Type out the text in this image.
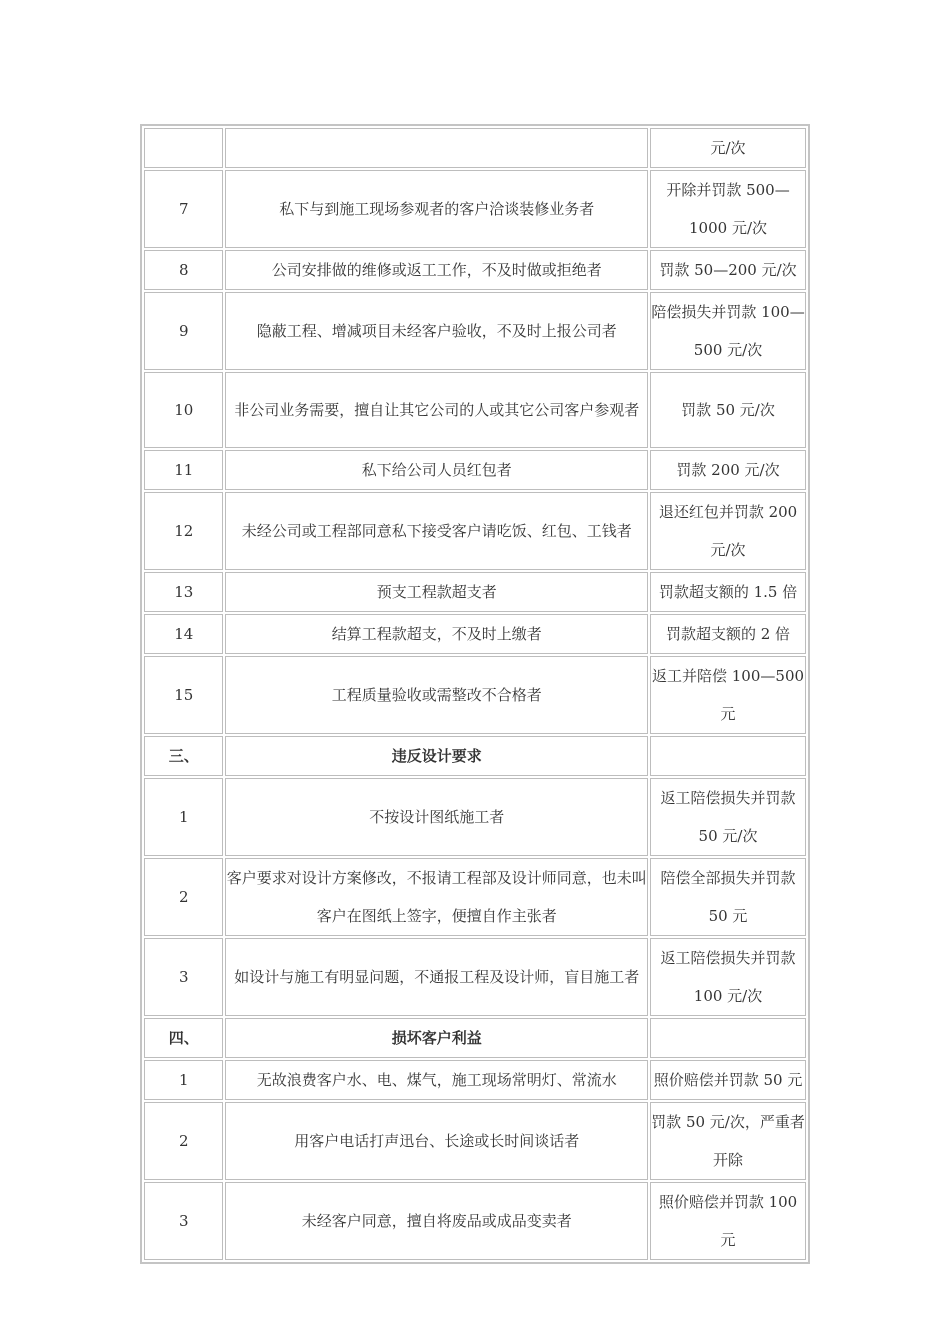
		元/次
7	私下与到施工现场参观者的客户洽谈装修业务者	开除并罚款 500—1000 元/次
8	公司安排做的维修或返工工作，不及时做或拒绝者	罚款 50—200 元/次
9	隐蔽工程、增减项目未经客户验收，不及时上报公司者	陪偿损失并罚款 100—500 元/次
10	非公司业务需要，擅自让其它公司的人或其它公司客户参观者	罚款 50 元/次
11	私下给公司人员红包者	罚款 200 元/次
12	未经公司或工程部同意私下接受客户请吃饭、红包、工钱者	退还红包并罚款 200 元/次
13	预支工程款超支者	罚款超支额的 1.5 倍
14	结算工程款超支，不及时上缴者	罚款超支额的 2 倍
15	工程质量验收或需整改不合格者	返工并陪偿 100—500 元
三、	违反设计要求	
1	不按设计图纸施工者	返工陪偿损失并罚款 50 元/次
2	客户要求对设计方案修改，不报请工程部及设计师同意，也未叫客户在图纸上签字，便擅自作主张者	陪偿全部损失并罚款 50 元
3	如设计与施工有明显问题，不通报工程及设计师，盲目施工者	返工陪偿损失并罚款 100 元/次
四、	损坏客户利益	
1	无故浪费客户水、电、煤气，施工现场常明灯、常流水	照价赔偿并罚款 50 元
2	用客户电话打声迅台、长途或长时间谈话者	罚款 50 元/次，严重者开除
3	未经客户同意，擅自将废品或成品变卖者	照价赔偿并罚款 100 元
